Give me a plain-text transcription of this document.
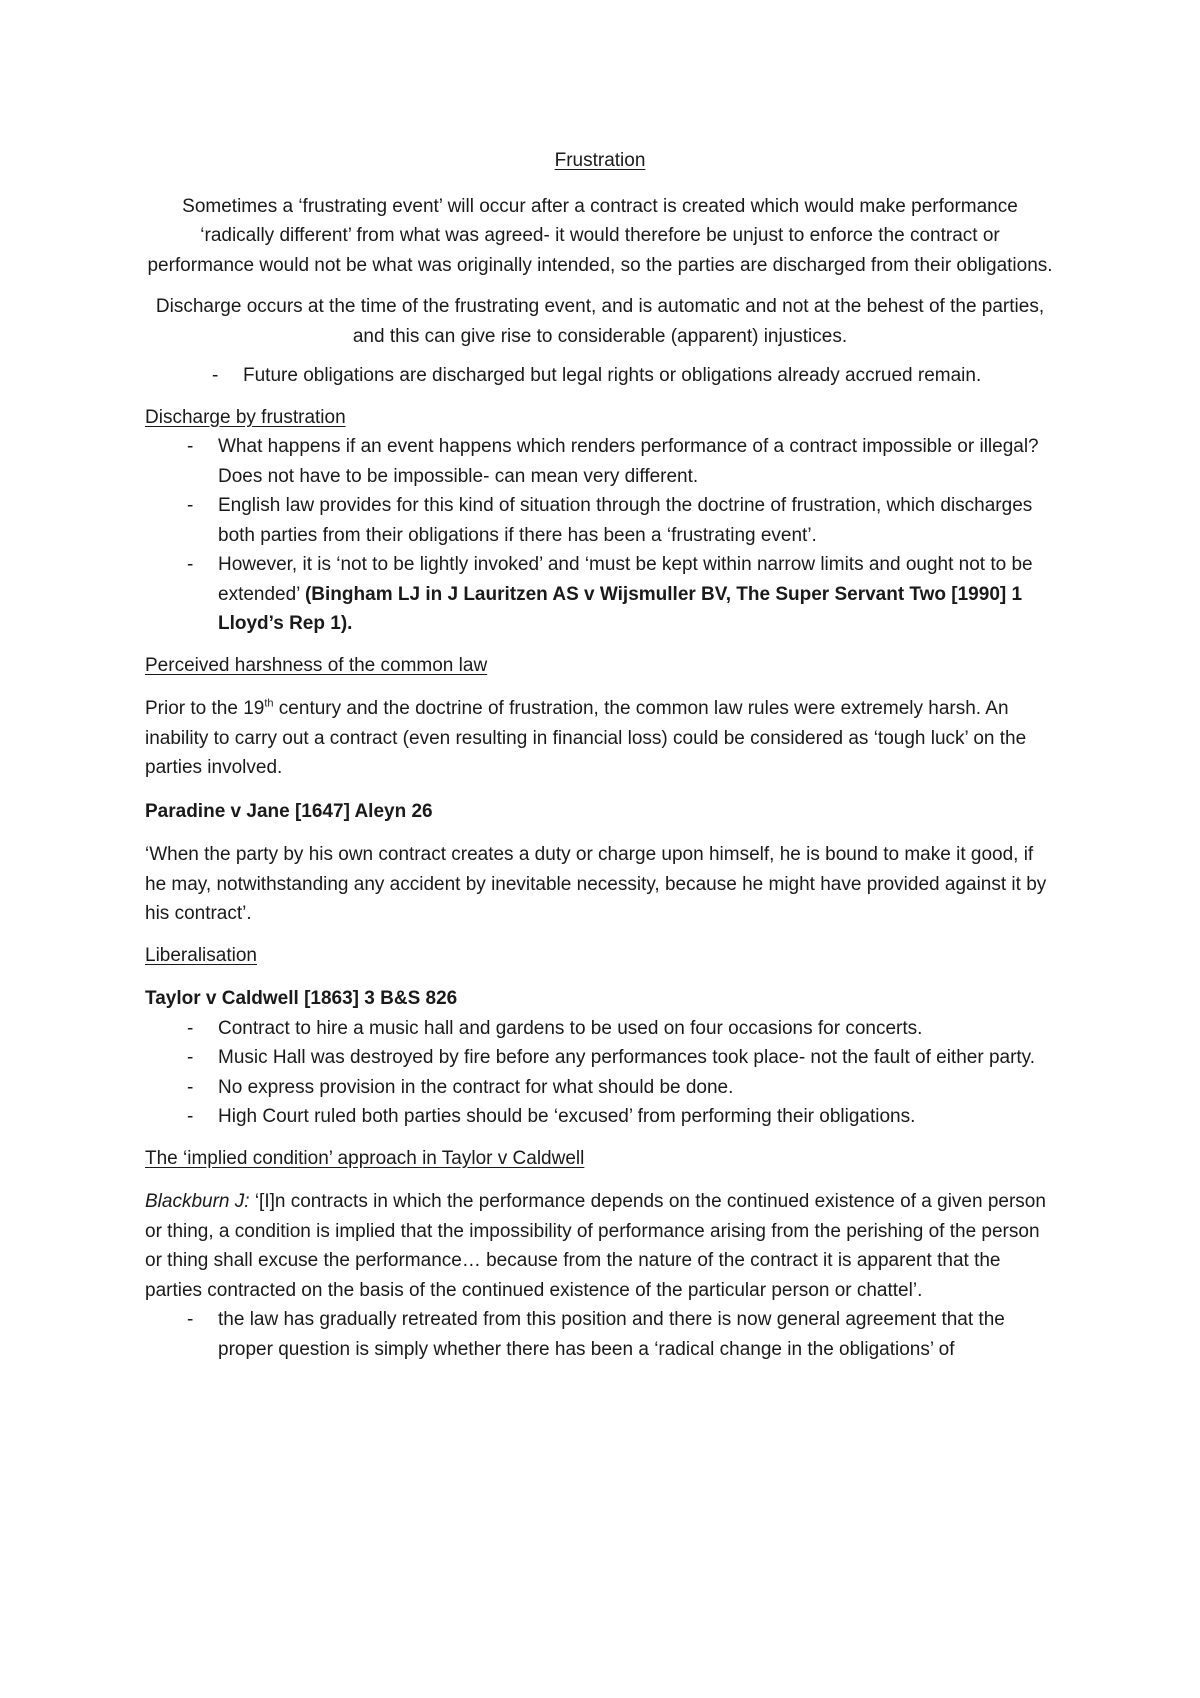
Frustration

Sometimes a ‘frustrating event’ will occur after a contract is created which would make performance ‘radically different’ from what was agreed- it would therefore be unjust to enforce the contract or performance would not be what was originally intended, so the parties are discharged from their obligations.

Discharge occurs at the time of the frustrating event, and is automatic and not at the behest of the parties, and this can give rise to considerable (apparent) injustices.

- Future obligations are discharged but legal rights or obligations already accrued remain.

Discharge by frustration

- What happens if an event happens which renders performance of a contract impossible or illegal? Does not have to be impossible- can mean very different.
- English law provides for this kind of situation through the doctrine of frustration, which discharges both parties from their obligations if there has been a ‘frustrating event’.
- However, it is ‘not to be lightly invoked’ and ‘must be kept within narrow limits and ought not to be extended’ (Bingham LJ in J Lauritzen AS v Wijsmuller BV, The Super Servant Two [1990] 1 Lloyd’s Rep 1).

Perceived harshness of the common law

Prior to the 19th century and the doctrine of frustration, the common law rules were extremely harsh. An inability to carry out a contract (even resulting in financial loss) could be considered as ‘tough luck’ on the parties involved.

Paradine v Jane [1647] Aleyn 26

‘When the party by his own contract creates a duty or charge upon himself, he is bound to make it good, if he may, notwithstanding any accident by inevitable necessity, because he might have provided against it by his contract’.

Liberalisation

Taylor v Caldwell [1863] 3 B&S 826

- Contract to hire a music hall and gardens to be used on four occasions for concerts.
- Music Hall was destroyed by fire before any performances took place- not the fault of either party.
- No express provision in the contract for what should be done.
- High Court ruled both parties should be ‘excused’ from performing their obligations.

The ‘implied condition’ approach in Taylor v Caldwell

Blackburn J: ‘[I]n contracts in which the performance depends on the continued existence of a given person or thing, a condition is implied that the impossibility of performance arising from the perishing of the person or thing shall excuse the performance… because from the nature of the contract it is apparent that the parties contracted on the basis of the continued existence of the particular person or chattel’.

- the law has gradually retreated from this position and there is now general agreement that the proper question is simply whether there has been a ‘radical change in the obligations’ of
